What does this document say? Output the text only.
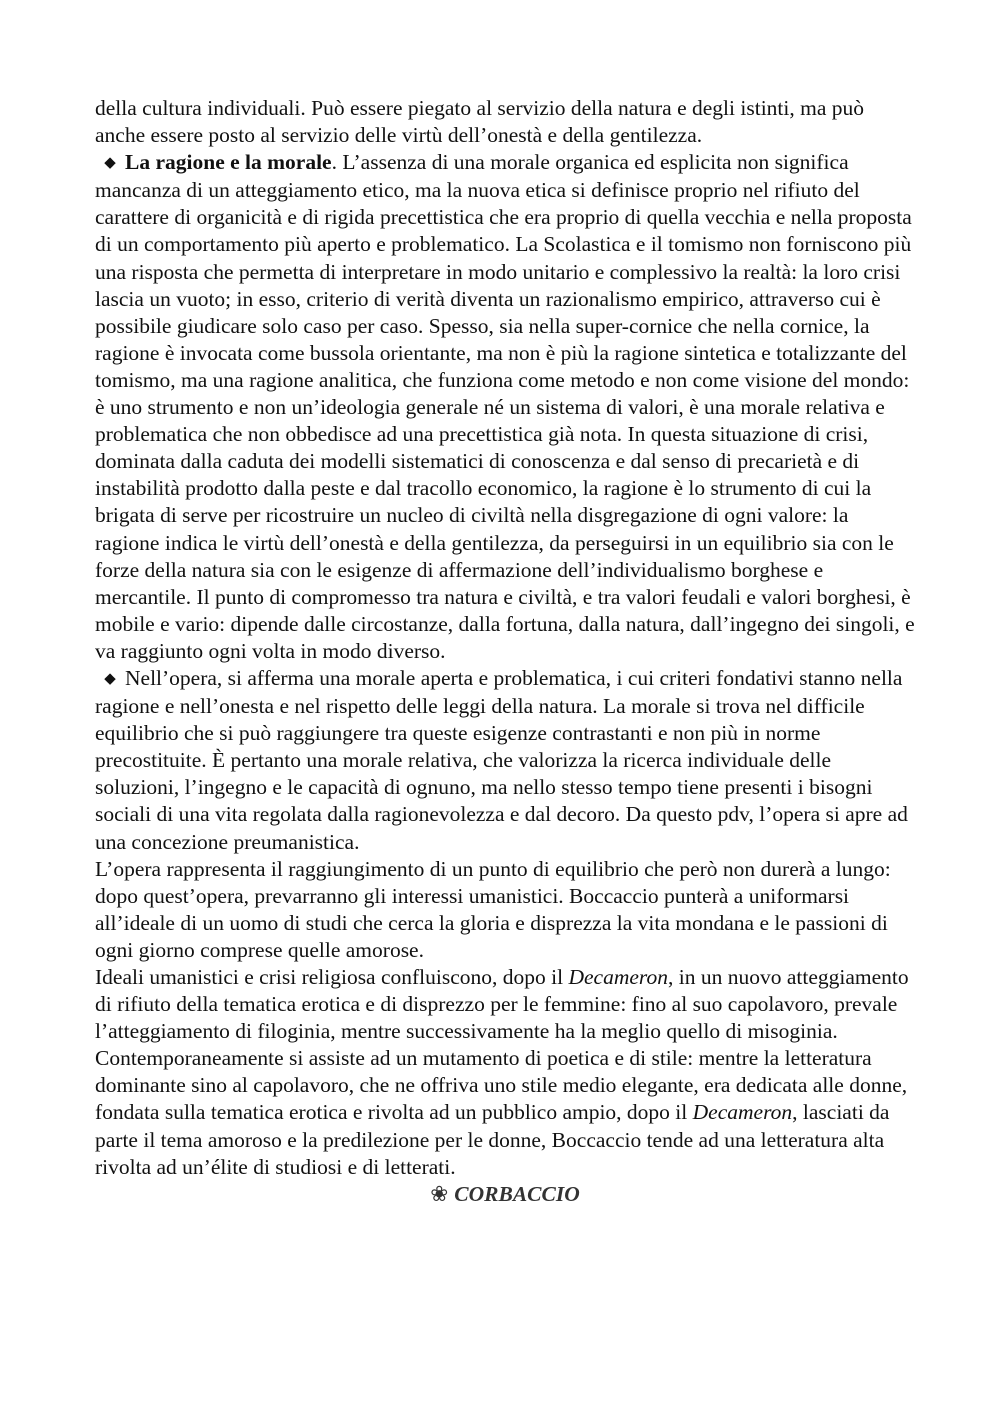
della cultura individuali. Può essere piegato al servizio della natura e degli istinti, ma può anche essere posto al servizio delle virtù dell’onestà e della gentilezza.

◆ La ragione e la morale. L’assenza di una morale organica ed esplicita non significa mancanza di un atteggiamento etico, ma la nuova etica si definisce proprio nel rifiuto del carattere di organicità e di rigida precettistica che era proprio di quella vecchia e nella proposta di un comportamento più aperto e problematico. La Scolastica e il tomismo non forniscono più una risposta che permetta di interpretare in modo unitario e complessivo la realtà: la loro crisi lascia un vuoto; in esso, criterio di verità diventa un razionalismo empirico, attraverso cui è possibile giudicare solo caso per caso. Spesso, sia nella super-cornice che nella cornice, la ragione è invocata come bussola orientante, ma non è più la ragione sintetica e totalizzante del tomismo, ma una ragione analitica, che funziona come metodo e non come visione del mondo: è uno strumento e non un’ideologia generale né un sistema di valori, è una morale relativa e problematica che non obbedisce ad una precettistica già nota. In questa situazione di crisi, dominata dalla caduta dei modelli sistematici di conoscenza e dal senso di precarietà e di instabilità prodotto dalla peste e dal tracollo economico, la ragione è lo strumento di cui la brigata di serve per ricostruire un nucleo di civiltà nella disgregazione di ogni valore: la ragione indica le virtù dell’onestà e della gentilezza, da perseguirsi in un equilibrio sia con le forze della natura sia con le esigenze di affermazione dell’individualismo borghese e mercantile. Il punto di compromesso tra natura e civiltà, e tra valori feudali e valori borghesi, è mobile e vario: dipende dalle circostanze, dalla fortuna, dalla natura, dall’ingegno dei singoli, e va raggiunto ogni volta in modo diverso.

◆ Nell’opera, si afferma una morale aperta e problematica, i cui criteri fondativi stanno nella ragione e nell’onesta e nel rispetto delle leggi della natura. La morale si trova nel difficile equilibrio che si può raggiungere tra queste esigenze contrastanti e non più in norme precostituite. È pertanto una morale relativa, che valorizza la ricerca individuale delle soluzioni, l’ingegno e le capacità di ognuno, ma nello stesso tempo tiene presenti i bisogni sociali di una vita regolata dalla ragionevolezza e dal decoro. Da questo pdv, l’opera si apre ad una concezione preumanistica.

L’opera rappresenta il raggiungimento di un punto di equilibrio che però non durerà a lungo: dopo quest’opera, prevarranno gli interessi umanistici. Boccaccio punterà a uniformarsi all’ideale di un uomo di studi che cerca la gloria e disprezza la vita mondana e le passioni di ogni giorno comprese quelle amorose.

Ideali umanistici e crisi religiosa confluiscono, dopo il Decameron, in un nuovo atteggiamento di rifiuto della tematica erotica e di disprezzo per le femmine: fino al suo capolavoro, prevale l’atteggiamento di filoginia, mentre successivamente ha la meglio quello di misoginia. Contemporaneamente si assiste ad un mutamento di poetica e di stile: mentre la letteratura dominante sino al capolavoro, che ne offriva uno stile medio elegante, era dedicata alle donne, fondata sulla tematica erotica e rivolta ad un pubblico ampio, dopo il Decameron, lasciati da parte il tema amoroso e la predilezione per le donne, Boccaccio tende ad una letteratura alta rivolta ad un’élite di studiosi e di letterati.

❀ CORBACCIO
